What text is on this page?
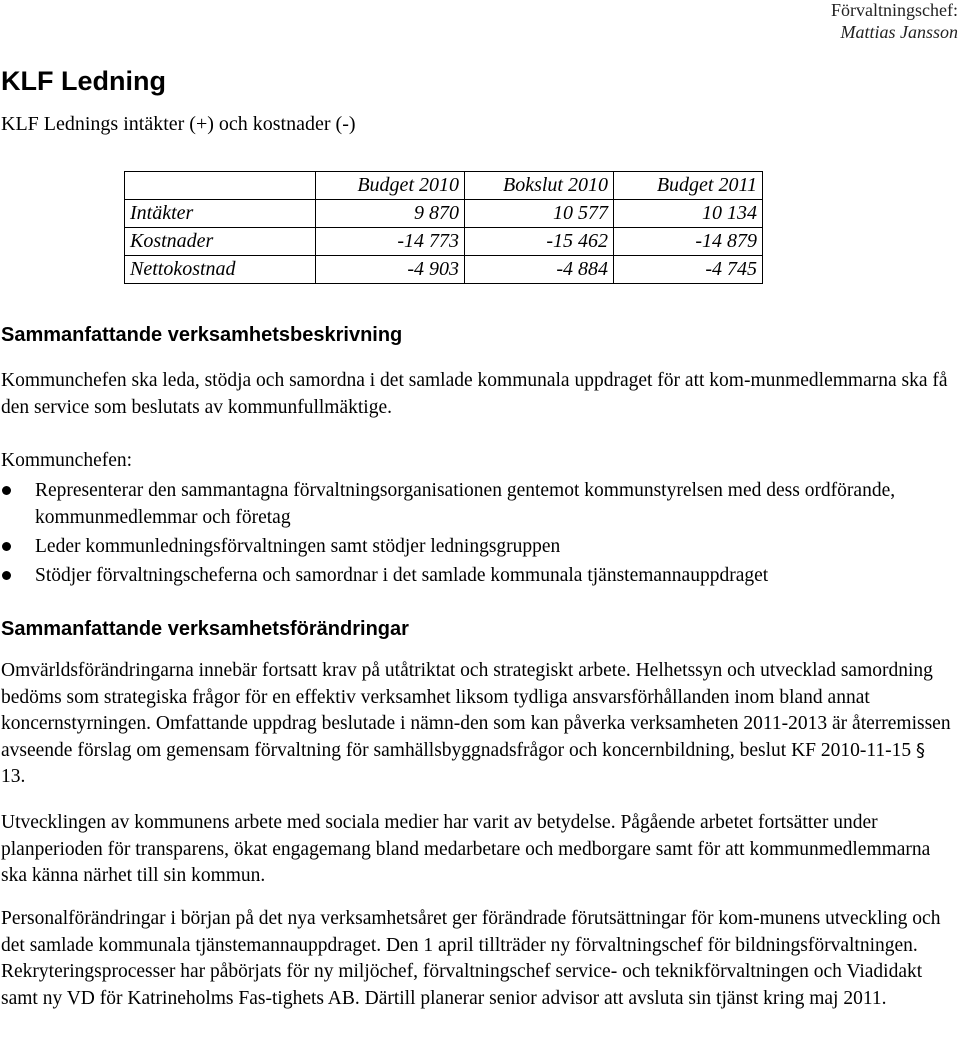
Förvaltningschef:
Mattias Jansson
KLF Ledning

KLF Lednings intäkter (+) och kostnader (-)

	Budget 2010	Bokslut 2010	Budget 2011
Intäkter	9 870	10 577	10 134
Kostnader	-14 773	-15 462	-14 879
Nettokostnad	-4 903	-4 884	-4 745
Sammanfattande verksamhetsbeskrivning

Kommunchefen ska leda, stödja och samordna i det samlade kommunala uppdraget för att kom-munmedlemmarna ska få den service som beslutats av kommunfullmäktige.

Kommunchefen:

Representerar den sammantagna förvaltningsorganisationen gentemot kommunstyrelsen med dess ordförande, kommunmedlemmar och företag
Leder kommunledningsförvaltningen samt stödjer ledningsgruppen
Stödjer förvaltningscheferna och samordnar i det samlade kommunala tjänstemannauppdraget
Sammanfattande verksamhetsförändringar

Omvärldsförändringarna innebär fortsatt krav på utåtriktat och strategiskt arbete. Helhetssyn och utvecklad samordning bedöms som strategiska frågor för en effektiv verksamhet liksom tydliga ansvarsförhållanden inom bland annat koncernstyrningen. Omfattande uppdrag beslutade i nämn-den som kan påverka verksamheten 2011-2013 är återremissen avseende förslag om gemensam förvaltning för samhällsbyggnadsfrågor och koncernbildning, beslut KF 2010-11-15 § 13.

Utvecklingen av kommunens arbete med sociala medier har varit av betydelse. Pågående arbetet fortsätter under planperioden för transparens, ökat engagemang bland medarbetare och medborgare samt för att kommunmedlemmarna ska känna närhet till sin kommun.

Personalförändringar i början på det nya verksamhetsåret ger förändrade förutsättningar för kom-munens utveckling och det samlade kommunala tjänstemannauppdraget. Den 1 april tillträder ny förvaltningschef för bildningsförvaltningen. Rekryteringsprocesser har påbörjats för ny miljöchef, förvaltningschef service- och teknikförvaltningen och Viadidakt samt ny VD för Katrineholms Fas-tighets AB. Därtill planerar senior advisor att avsluta sin tjänst kring maj 2011.
